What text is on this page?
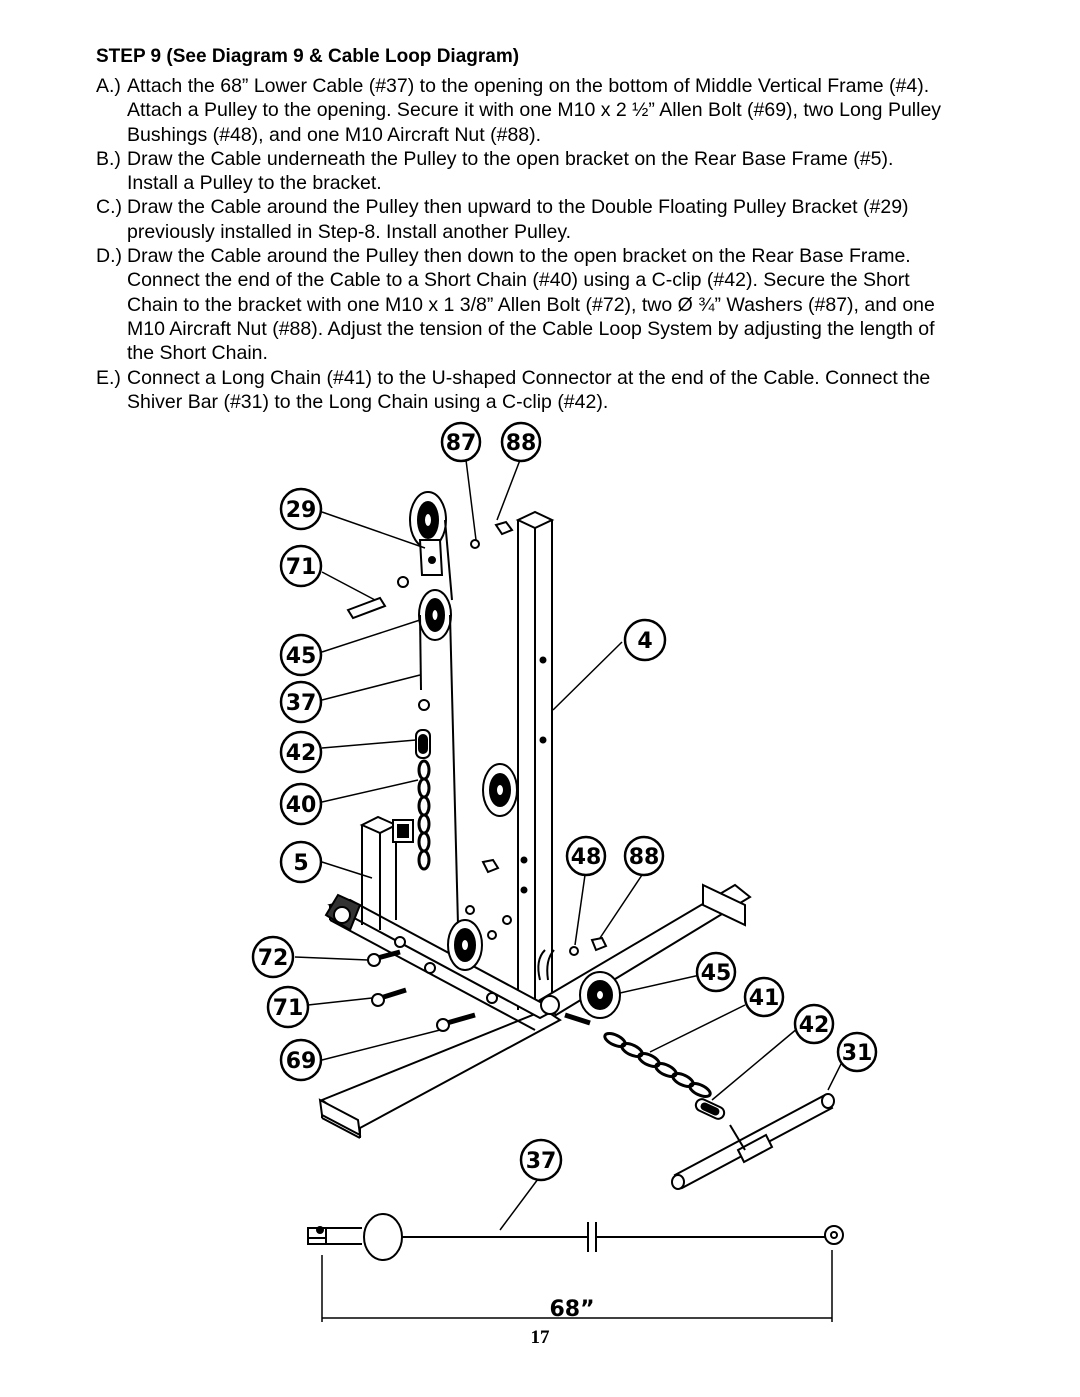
STEP 9 (See Diagram 9 & Cable Loop Diagram)
A.) Attach the 68” Lower Cable (#37) to the opening on the bottom of Middle Vertical Frame (#4). Attach a Pulley to the opening. Secure it with one M10 x 2 ½” Allen Bolt (#69), two Long Pulley Bushings (#48), and one M10 Aircraft Nut (#88).
B.) Draw the Cable underneath the Pulley to the open bracket on the Rear Base Frame (#5). Install a Pulley to the bracket.
C.) Draw the Cable around the Pulley then upward to the Double Floating Pulley Bracket (#29) previously installed in Step-8. Install another Pulley.
D.) Draw the Cable around the Pulley then down to the open bracket on the Rear Base Frame. Connect the end of the Cable to a Short Chain (#40) using a C-clip (#42). Secure the Short Chain to the bracket with one M10 x 1 3/8” Allen Bolt (#72), two Ø ¾” Washers (#87), and one M10 Aircraft Nut (#88). Adjust the tension of the Cable Loop System by adjusting the length of the Short Chain.
E.) Connect a Long Chain (#41) to the U-shaped Connector at the end of the Cable. Connect the Shiver Bar (#31) to the Long Chain using a C-clip (#42).
87 88
29
71
4
45
37
42
40
5	48 88
72
45
41
71
42
31
69
37
68”
17
